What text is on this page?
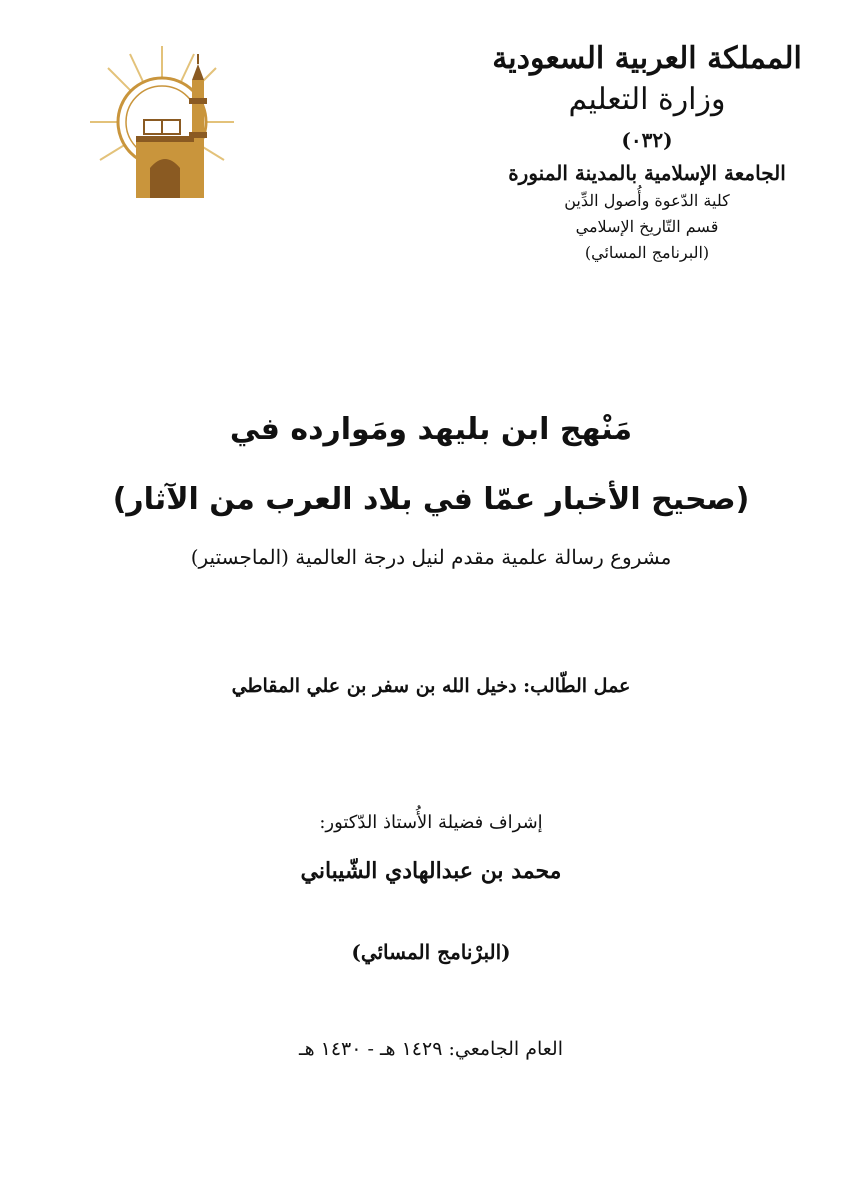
المملكة العربية السعودية

وزارة التعليم

(٠٣٢)

الجامعة الإسلامية بالمدينة المنورة

كلية الدّعوة وأُصول الدِّين

قسم التّاريخ الإسلامي

(البرنامج المسائي)

مَنْهج ابن بليهد ومَوارده في
(صحيح الأخبار عمّا في بلاد العرب من الآثار)
مشروع رسالة علمية مقدم لنيل درجة العالمية (الماجستير)
عمل الطّالب: دخيل الله بن سفر بن علي المقاطي
إشراف فضيلة الأُستاذ الدّكتور:
محمد بن عبدالهادي الشّيباني
(البرْنامج المسائي)
العام الجامعي: ١٤٢٩ هـ - ١٤٣٠ هـ
